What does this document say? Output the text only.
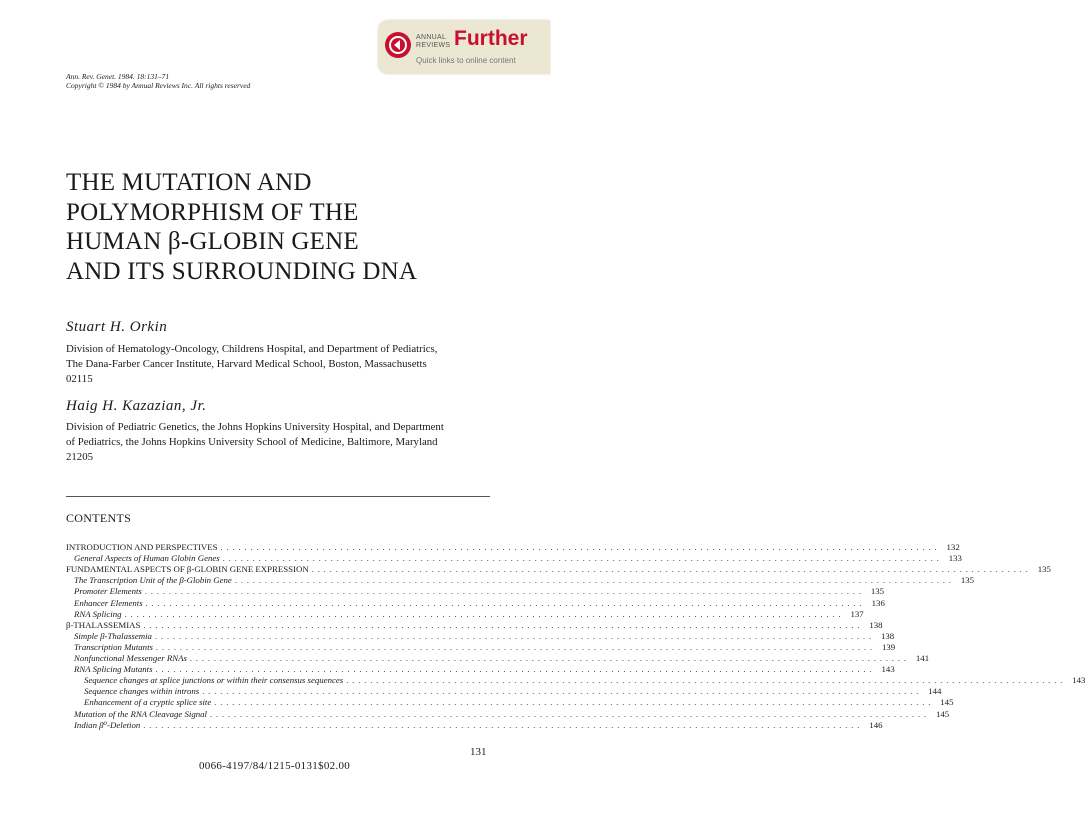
ANNUAL
REVIEWS Further
Quick links to online content
Ann. Rev. Genet. 1984. 18:131–71
Copyright © 1984 by Annual Reviews Inc. All rights reserved
THE MUTATION AND
POLYMORPHISM OF THE
HUMAN β-GLOBIN GENE
AND ITS SURROUNDING DNA
Stuart H. Orkin
Division of Hematology-Oncology, Childrens Hospital, and Department of Pediatrics,
The Dana-Farber Cancer Institute, Harvard Medical School, Boston, Massachusetts
02115
Haig H. Kazazian, Jr.
Division of Pediatric Genetics, the Johns Hopkins University Hospital, and Department
of Pediatrics, the Johns Hopkins University School of Medicine, Baltimore, Maryland
21205
CONTENTS
INTRODUCTION AND PERSPECTIVES . . . . . . . . . . . . . . . . . . . . . . . . . . . . . . . . . . . . . . . . . . . . . . . . . . . . . . . . . . . . . . . . . . . . . . . . . . . . . . . . . . . . . . . . . . . . . . . . . . . . . . . . . . . . . . . . . . . . . . . . 132
General Aspects of Human Globin Genes . . . . . . . . . . . . . . . . . . . . . . . . . . . . . . . . . . . . . . . . . . . . . . . . . . . . . . . . . . . . . . . . . . . . . . . . . . . . . . . . . . . . . . . . . . . . . . . . . . . . . . . . . . . . . . . . . . . . . . . . 133
FUNDAMENTAL ASPECTS OF β-GLOBIN GENE EXPRESSION . . . . . . . . . . . . . . . . . . . . . . . . . . . . . . . . . . . . . . . . . . . . . . . . . . . . . . . . . . . . . . . . . . . . . . . . . . . . . . . . . . . . . . . . . . . . . . . . . . . . . . . . . . . . . . . . . . . . . . . . 135
The Transcription Unit of the β-Globin Gene . . . . . . . . . . . . . . . . . . . . . . . . . . . . . . . . . . . . . . . . . . . . . . . . . . . . . . . . . . . . . . . . . . . . . . . . . . . . . . . . . . . . . . . . . . . . . . . . . . . . . . . . . . . . . . . . . . . . . . . . 135
Promoter Elements . . . . . . . . . . . . . . . . . . . . . . . . . . . . . . . . . . . . . . . . . . . . . . . . . . . . . . . . . . . . . . . . . . . . . . . . . . . . . . . . . . . . . . . . . . . . . . . . . . . . . . . . . . . . . . . . . . . . . . . . 135
Enhancer Elements . . . . . . . . . . . . . . . . . . . . . . . . . . . . . . . . . . . . . . . . . . . . . . . . . . . . . . . . . . . . . . . . . . . . . . . . . . . . . . . . . . . . . . . . . . . . . . . . . . . . . . . . . . . . . . . . . . . . . . . . 136
RNA Splicing . . . . . . . . . . . . . . . . . . . . . . . . . . . . . . . . . . . . . . . . . . . . . . . . . . . . . . . . . . . . . . . . . . . . . . . . . . . . . . . . . . . . . . . . . . . . . . . . . . . . . . . . . . . . . . . . . . . . . . . . 137
β-THALASSEMIAS . . . . . . . . . . . . . . . . . . . . . . . . . . . . . . . . . . . . . . . . . . . . . . . . . . . . . . . . . . . . . . . . . . . . . . . . . . . . . . . . . . . . . . . . . . . . . . . . . . . . . . . . . . . . . . . . . . . . . . . . 138
Simple β-Thalassemia . . . . . . . . . . . . . . . . . . . . . . . . . . . . . . . . . . . . . . . . . . . . . . . . . . . . . . . . . . . . . . . . . . . . . . . . . . . . . . . . . . . . . . . . . . . . . . . . . . . . . . . . . . . . . . . . . . . . . . . . 138
Transcription Mutants . . . . . . . . . . . . . . . . . . . . . . . . . . . . . . . . . . . . . . . . . . . . . . . . . . . . . . . . . . . . . . . . . . . . . . . . . . . . . . . . . . . . . . . . . . . . . . . . . . . . . . . . . . . . . . . . . . . . . . . . 139
Nonfunctional Messenger RNAs . . . . . . . . . . . . . . . . . . . . . . . . . . . . . . . . . . . . . . . . . . . . . . . . . . . . . . . . . . . . . . . . . . . . . . . . . . . . . . . . . . . . . . . . . . . . . . . . . . . . . . . . . . . . . . . . . . . . . . . . 141
RNA Splicing Mutants . . . . . . . . . . . . . . . . . . . . . . . . . . . . . . . . . . . . . . . . . . . . . . . . . . . . . . . . . . . . . . . . . . . . . . . . . . . . . . . . . . . . . . . . . . . . . . . . . . . . . . . . . . . . . . . . . . . . . . . . 143
Sequence changes at splice junctions or within their consensus sequences . . . . . . . . . . . . . . . . . . . . . . . . . . . . . . . . . . . . . . . . . . . . . . . . . . . . . . . . . . . . . . . . . . . . . . . . . . . . . . . . . . . . . . . . . . . . . . . . . . . . . . . . . . . . . . . . . . . . . . . . 143
Sequence changes within introns . . . . . . . . . . . . . . . . . . . . . . . . . . . . . . . . . . . . . . . . . . . . . . . . . . . . . . . . . . . . . . . . . . . . . . . . . . . . . . . . . . . . . . . . . . . . . . . . . . . . . . . . . . . . . . . . . . . . . . . . 144
Enhancement of a cryptic splice site . . . . . . . . . . . . . . . . . . . . . . . . . . . . . . . . . . . . . . . . . . . . . . . . . . . . . . . . . . . . . . . . . . . . . . . . . . . . . . . . . . . . . . . . . . . . . . . . . . . . . . . . . . . . . . . . . . . . . . . . 145
Mutation of the RNA Cleavage Signal . . . . . . . . . . . . . . . . . . . . . . . . . . . . . . . . . . . . . . . . . . . . . . . . . . . . . . . . . . . . . . . . . . . . . . . . . . . . . . . . . . . . . . . . . . . . . . . . . . . . . . . . . . . . . . . . . . . . . . . . 145
Indian β⁰-Deletion . . . . . . . . . . . . . . . . . . . . . . . . . . . . . . . . . . . . . . . . . . . . . . . . . . . . . . . . . . . . . . . . . . . . . . . . . . . . . . . . . . . . . . . . . . . . . . . . . . . . . . . . . . . . . . . . . . . . . . . . 146
131
0066-4197/84/1215-0131$02.00
